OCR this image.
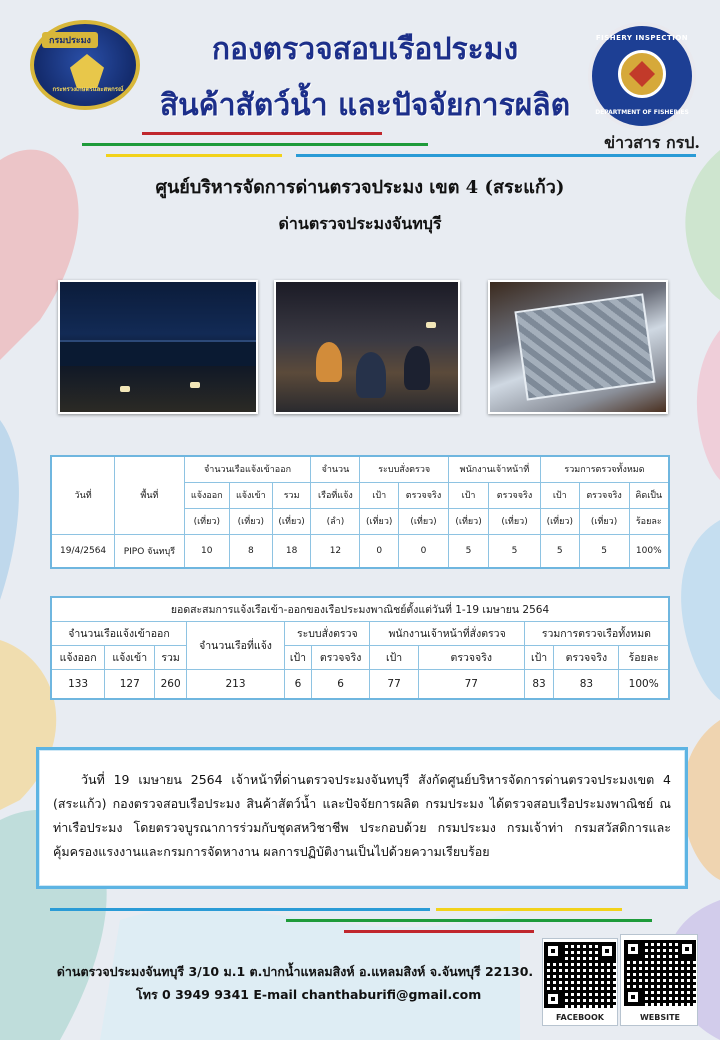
กรมประมง
กระทรวงเกษตรและสหกรณ์
กองตรวจสอบเรือประมง
สินค้าสัตว์น้ำ และปัจจัยการผลิต
FISHERY INSPECTION
DEPARTMENT OF FISHERIES
ข่าวสาร กรป.
ศูนย์บริหารจัดการด่านตรวจประมง เขต 4 (สระแก้ว)
ด่านตรวจประมงจันทบุรี
วันที่	พื้นที่	จำนวนเรือแจ้งเข้าออก			จำนวน	ระบบสั่งตรวจ		พนักงานเจ้าหน้าที่		รวมการตรวจทั้งหมด		
		แจ้งออก	แจ้งเข้า	รวม	เรือที่แจ้ง	เป้า	ตรวจจริง	เป้า	ตรวจจริง	เป้า	ตรวจจริง	คิดเป็น
		(เที่ยว)	(เที่ยว)	(เที่ยว)	(ลำ)	(เที่ยว)	(เที่ยว)	(เที่ยว)	(เที่ยว)	(เที่ยว)	(เที่ยว)	ร้อยละ
19/4/2564	PIPO จันทบุรี	10	8	18	12	0	0	5	5	5	5	100%
ยอดสะสมการแจ้งเรือเข้า-ออกของเรือประมงพาณิชย์ตั้งแต่วันที่ 1-19 เมษายน 2564										
จำนวนเรือแจ้งเข้าออก			จำนวนเรือที่แจ้ง	ระบบสั่งตรวจ		พนักงานเจ้าหน้าที่สั่งตรวจ		รวมการตรวจเรือทั้งหมด		
แจ้งออก	แจ้งเข้า	รวม		เป้า	ตรวจจริง	เป้า	ตรวจจริง	เป้า	ตรวจจริง	ร้อยละ
133	127	260	213	6	6	77	77	83	83	100%

วันที่ 19 เมษายน 2564 เจ้าหน้าที่ด่านตรวจประมงจันทบุรี สังกัดศูนย์บริหารจัดการด่านตรวจประมงเขต 4 (สระแก้ว) กองตรวจสอบเรือประมง สินค้าสัตว์น้ำ และปัจจัยการผลิต กรมประมง ได้ตรวจสอบเรือประมงพาณิชย์ ณ ท่าเรือประมง โดยตรวจบูรณาการร่วมกับชุดสหวิชาชีพ ประกอบด้วย กรมประมง กรมเจ้าท่า กรมสวัสดิการและคุ้มครองแรงงานและกรมการจัดหางาน ผลการปฏิบัติงานเป็นไปด้วยความเรียบร้อย

ด่านตรวจประมงจันทบุรี 3/10 ม.1 ต.ปากน้ำแหลมสิงห์ อ.แหลมสิงห์ จ.จันทบุรี 22130.
โทร 0 3949 9341 E-mail chanthaburifi@gmail.com
FACEBOOK	WEBSITE
